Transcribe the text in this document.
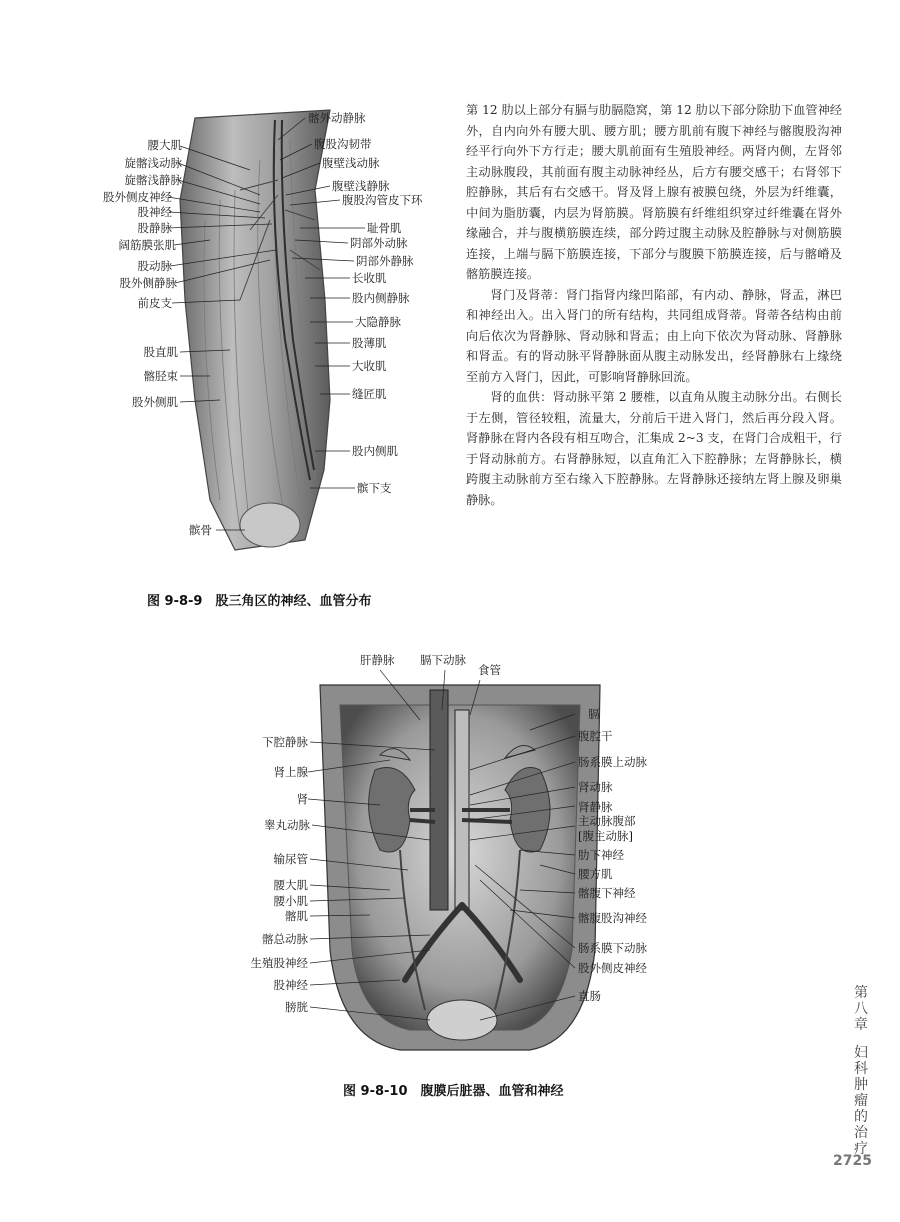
腰大肌
旋髂浅动脉
旋髂浅静脉
股外侧皮神经
股神经
股静脉
阔筋膜张肌
股动脉
股外侧静脉
前皮支
股直肌
髂胫束
股外侧肌
髌骨
髂外动静脉
腹股沟韧带
腹壁浅动脉
腹壁浅静脉
腹股沟管皮下环
耻骨肌
阴部外动脉
阴部外静脉
长收肌
股内侧静脉
大隐静脉
股薄肌
大收肌
缝匠肌
股内侧肌
髌下支
图 9-8-9　股三角区的神经、血管分布

第 12 肋以上部分有膈与肋膈隐窝，第 12 肋以下部分除肋下血管神经外，自内向外有腰大肌、腰方肌；腰方肌前有腹下神经与髂腹股沟神经平行向外下方行走；腰大肌前面有生殖股神经。两肾内侧，左肾邻主动脉腹段，其前面有腹主动脉神经丛，后方有腰交感干；右肾邻下腔静脉，其后有右交感干。肾及肾上腺有被膜包绕，外层为纤维囊，中间为脂肪囊，内层为肾筋膜。肾筋膜有纤维组织穿过纤维囊在肾外缘融合，并与腹横筋膜连续，部分跨过腹主动脉及腔静脉与对侧筋膜连接，上端与膈下筋膜连接，下部分与腹膜下筋膜连接，后与髂嵴及髂筋膜连接。

肾门及肾蒂：肾门指肾内缘凹陷部，有内动、静脉，肾盂，淋巴和神经出入。出入肾门的所有结构，共同组成肾蒂。肾蒂各结构由前向后依次为肾静脉、肾动脉和肾盂；由上向下依次为肾动脉、肾静脉和肾盂。有的肾动脉平肾静脉面从腹主动脉发出，经肾静脉右上缘绕至前方入肾门，因此，可影响肾静脉回流。

肾的血供：肾动脉平第 2 腰椎，以直角从腹主动脉分出。右侧长于左侧，管径较粗，流量大，分前后干进入肾门，然后再分段入肾。肾静脉在肾内各段有相互吻合，汇集成 2~3 支，在肾门合成粗干，行于肾动脉前方。右肾静脉短，以直角汇入下腔静脉；左肾静脉长，横跨腹主动脉前方至右缘入下腔静脉。左肾静脉还接纳左肾上腺及卵巢静脉。

肝静脉 膈下动脉
食管
下腔静脉
肾上腺
肾
睾丸动脉
输尿管
腰大肌
腰小肌
髂肌
髂总动脉
生殖股神经
股神经
膀胱
膈
腹腔干
肠系膜上动脉
肾动脉
肾静脉
主动脉腹部
[腹主动脉]
肋下神经
腰方肌
髂腹下神经
髂腹股沟神经
肠系膜下动脉
股外侧皮神经
直肠
图 9-8-10　腹膜后脏器、血管和神经
第
八
章
妇
科
肿
瘤
的
治
疗
2725
